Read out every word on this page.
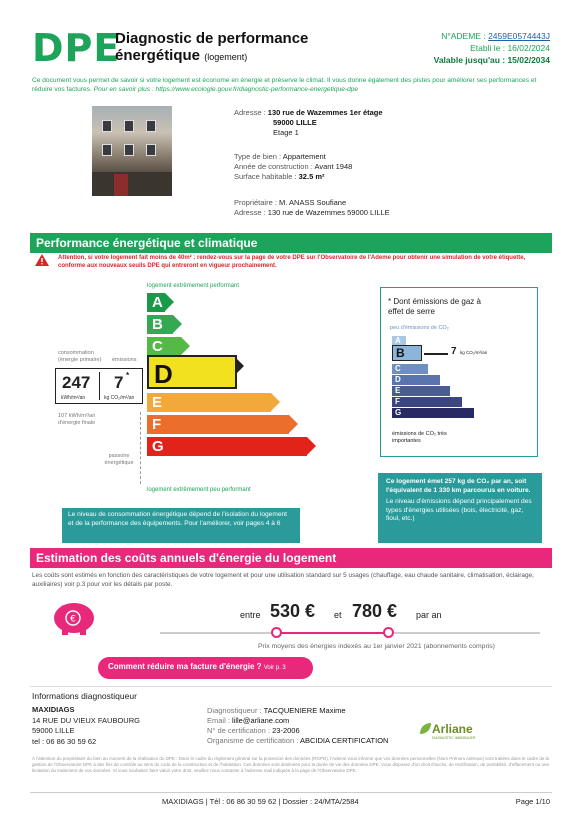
DPE
Diagnostic de performance énergétique (logement)
N°ADEME : 2459E0574443J
Etabli le : 16/02/2024
Valable jusqu'au : 15/02/2034
Ce document vous permet de savoir si votre logement est économe en énergie et préserve le climat. Il vous donne également des pistes pour améliorer ses performances et réduire vos factures. Pour en savoir plus : https://www.ecologie.gouv.fr/diagnostic-performance-energetique-dpe
Adresse : 130 rue de Wazemmes 1er étage
59000 LILLE
Etage 1
Type de bien : Appartement
Année de construction : Avant 1948
Surface habitable : 32.5 m²
Propriétaire : M. ANASS Soufiane
Adresse : 130 rue de Wazemmes 59000 LILLE
Performance énergétique et climatique
Attention, si votre logement fait moins de 40m² : rendez-vous sur la page de votre DPE sur l'Observatoire de l'Ademe pour obtenir une simulation de votre étiquette, conforme aux nouveaux seuils DPE qui entreront en vigueur prochainement.
logement extrêmement performant
A
B
C
D
E
F
G
consommation (énergie primaire)	émissions
247
kWh/m²/an
7 *
kg CO₂/m²/an
107 kWh/m²/an d'énergie finale
passoire énergétique
logement extrêmement peu performant
Le niveau de consommation énergétique dépend de l'isolation du logement et de la performance des équipements. Pour l'améliorer, voir pages 4 à 6
* Dont émissions de gaz à effet de serre
peu d'émissions de CO₂
A
B	7 kg CO₂/m²/an
C
D
E
F
G
émissions de CO₂ très importantes
Ce logement émet 257 kg de CO₂ par an, soit l'équivalent de 1 330 km parcourus en voiture.
Le niveau d'émissions dépend principalement des types d'énergies utilisées (bois, électricité, gaz, fioul, etc.)
Estimation des coûts annuels d'énergie du logement
Les coûts sont estimés en fonction des caractéristiques de votre logement et pour une utilisation standard sur 5 usages (chauffage, eau chaude sanitaire, climatisation, éclairage, auxiliaires) voir p.3 pour voir les détails par poste.
€	entre 530 € et 780 € par an
Prix moyens des énergies indexés au 1er janvier 2021 (abonnements compris)
Comment réduire ma facture d'énergie ? Voir p. 3
Informations diagnostiqueur
MAXIDIAGS
14 RUE DU VIEUX FAUBOURG
59000 LILLE
tel : 06 86 30 59 62
Diagnostiqueur : TACQUENIERE Maxime
Email : lille@arliane.com
N° de certification : 23-2006
Organisme de certification : ABCIDIA CERTIFICATION
Arliane
DIAGNOSTIC IMMOBILIER
À l'attention du propriétaire du bien au moment de la réalisation du DPE : Dans le cadre du règlement général sur la protection des données (RGPD), l'Ademe vous informe que vos données personnelles (Nom Prénom Adresse) sont traitées dans le cadre de la gestion de l'Observatoire DPE à des fins de contrôle au sens du code de la construction et de l'habitation. Ces données sont destinées pour la durée de vie des données DPE. Vous disposez d'un droit d'accès, de rectification, de portabilité, d'effacement ou une limitation du traitement de vos données. Si vous souhaitez faire valoir votre droit, veuillez nous contacter à l'adresse mail indiquée à la page de l'Observatoire DPE.
MAXIDIAGS | Tél : 06 86 30 59 62 | Dossier : 24/MTA/2584	Page 1/10
